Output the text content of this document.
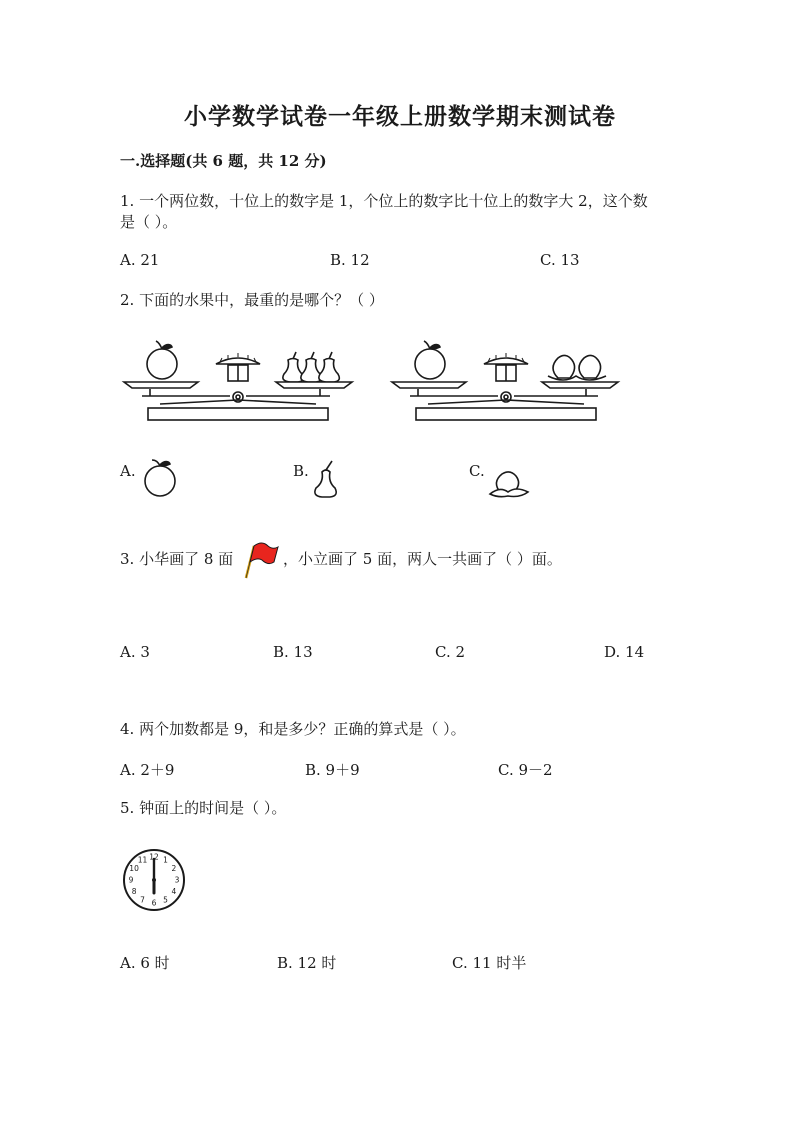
小学数学试卷一年级上册数学期末测试卷
一.选择题(共 6 题，共 12 分)
1. 一个两位数，十位上的数字是 1，个位上的数字比十位上的数字大 2，这个数
是（ ）。
A. 21	B. 12	C. 13
2. 下面的水果中，最重的是哪个？（ ）
A.	B.	C.
3. 小华画了 8 面	，小立画了 5 面，两人一共画了（ ）面。
A. 3	B. 13	C. 2	D. 14
4. 两个加数都是 9，和是多少？正确的算式是（ ）。
A. 2＋9	B. 9＋9	C. 9－2
5. 钟面上的时间是（ ）。
12 1
2
3
4
5
6
7
8
9
10
11
A. 6 时	B. 12 时	C. 11 时半
